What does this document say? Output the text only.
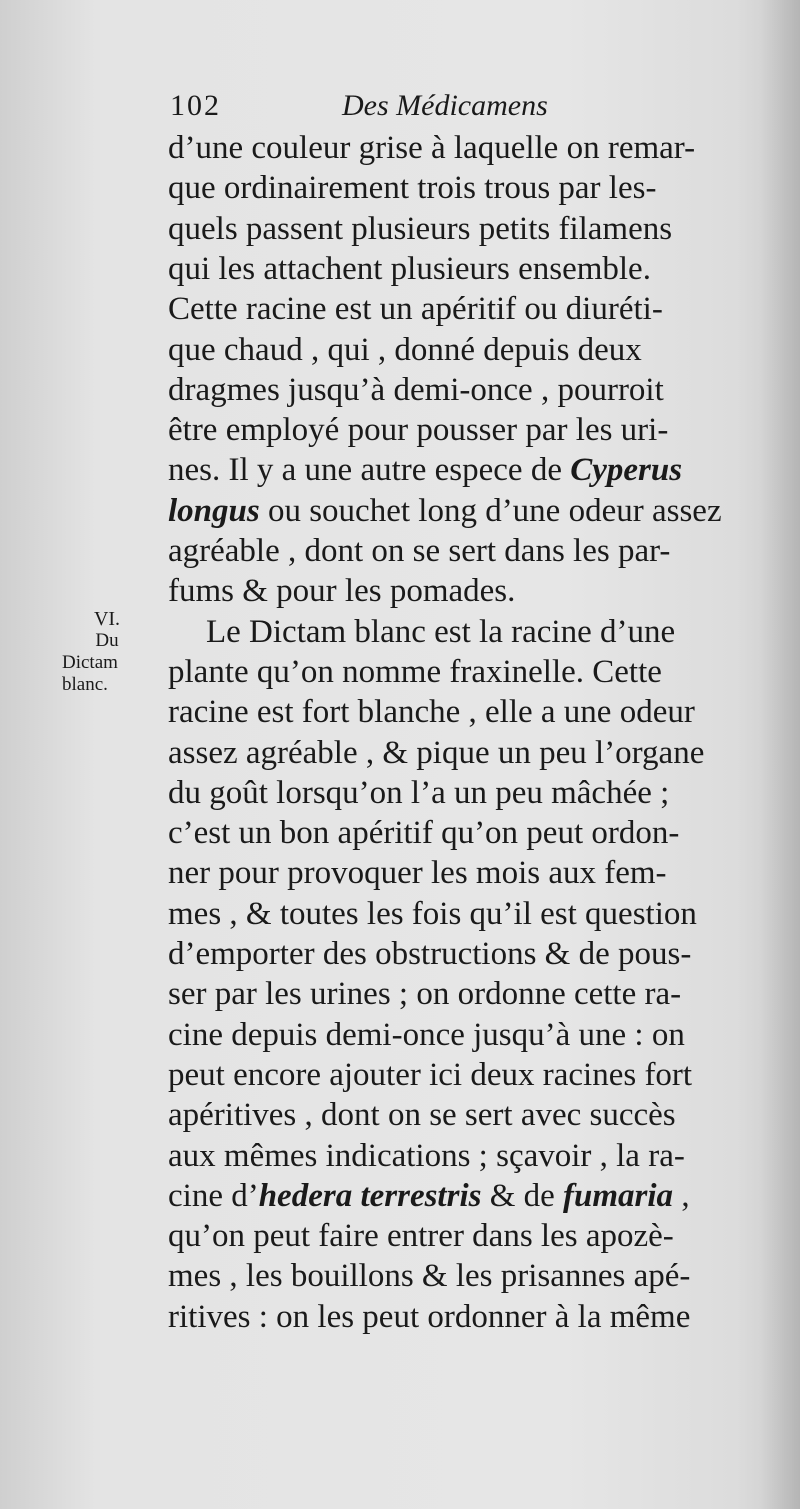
102	Des Médicamens
VI.
Du
Dictam
blanc.
d’une couleur grise à laquelle on remar-
que ordinairement trois trous par les-
quels passent plusieurs petits filamens
qui les attachent plusieurs ensemble.
Cette racine est un apéritif ou diuréti-
que chaud , qui , donné depuis deux
dragmes jusqu’à demi-once , pourroit
être employé pour pousser par les uri-
nes. Il y a une autre espece de Cyperus
longus ou souchet long d’une odeur assez
agréable , dont on se sert dans les par-
fums & pour les pomades.
Le Dictam blanc est la racine d’une
plante qu’on nomme fraxinelle. Cette
racine est fort blanche , elle a une odeur
assez agréable , & pique un peu l’organe
du goût lorsqu’on l’a un peu mâchée ;
c’est un bon apéritif qu’on peut ordon-
ner pour provoquer les mois aux fem-
mes , & toutes les fois qu’il est question
d’emporter des obstructions & de pous-
ser par les urines ; on ordonne cette ra-
cine depuis demi-once jusqu’à une : on
peut encore ajouter ici deux racines fort
apéritives , dont on se sert avec succès
aux mêmes indications ; sçavoir , la ra-
cine d’hedera terrestris & de fumaria ,
qu’on peut faire entrer dans les apozè-
mes , les bouillons & les prisannes apé-
ritives : on les peut ordonner à la même
